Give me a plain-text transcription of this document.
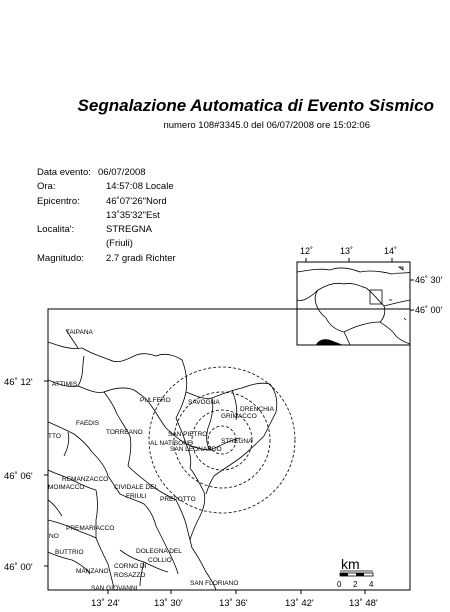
Segnalazione Automatica di Evento Sismico
numero 108#3345.0 del 06/07/2008 ore 15:02:06
Data evento: 06/07/2008
Ora:	14:57:08 Locale
Epicentro:	46˚07'26"Nord
13˚35'32"Est
Localita':	STREGNA
(Friuli)
Magnitudo:	2.7 gradi Richter
12˚	13˚	14˚
46˚ 30'
46˚ 00'
46˚ 12'
46˚ 06'
46˚ 00'
13˚ 24'	13˚ 30'	13˚ 36'	13˚ 42'	13˚ 48'
TAIPANA
ATTIMIS
FAEDIS
PULFERO	SAVOGNA
DRENCHIA
GRIMACCO
TORREANO	SAN PIETRO
AL NATISONE
SAN LEONARDO
STREGNA
REMANZACCO
MOIMACCO	CIVIDALE DEL
FRIULI PREPOTTO
PREMARIACCO
BUTTRIO	DOLEGNA DEL
COLLIO
MANZANO
CORNO DI
ROSAZZO
SAN GIOVANNI
SAN FLORIANO
NO
TTO
km
0 2 4
